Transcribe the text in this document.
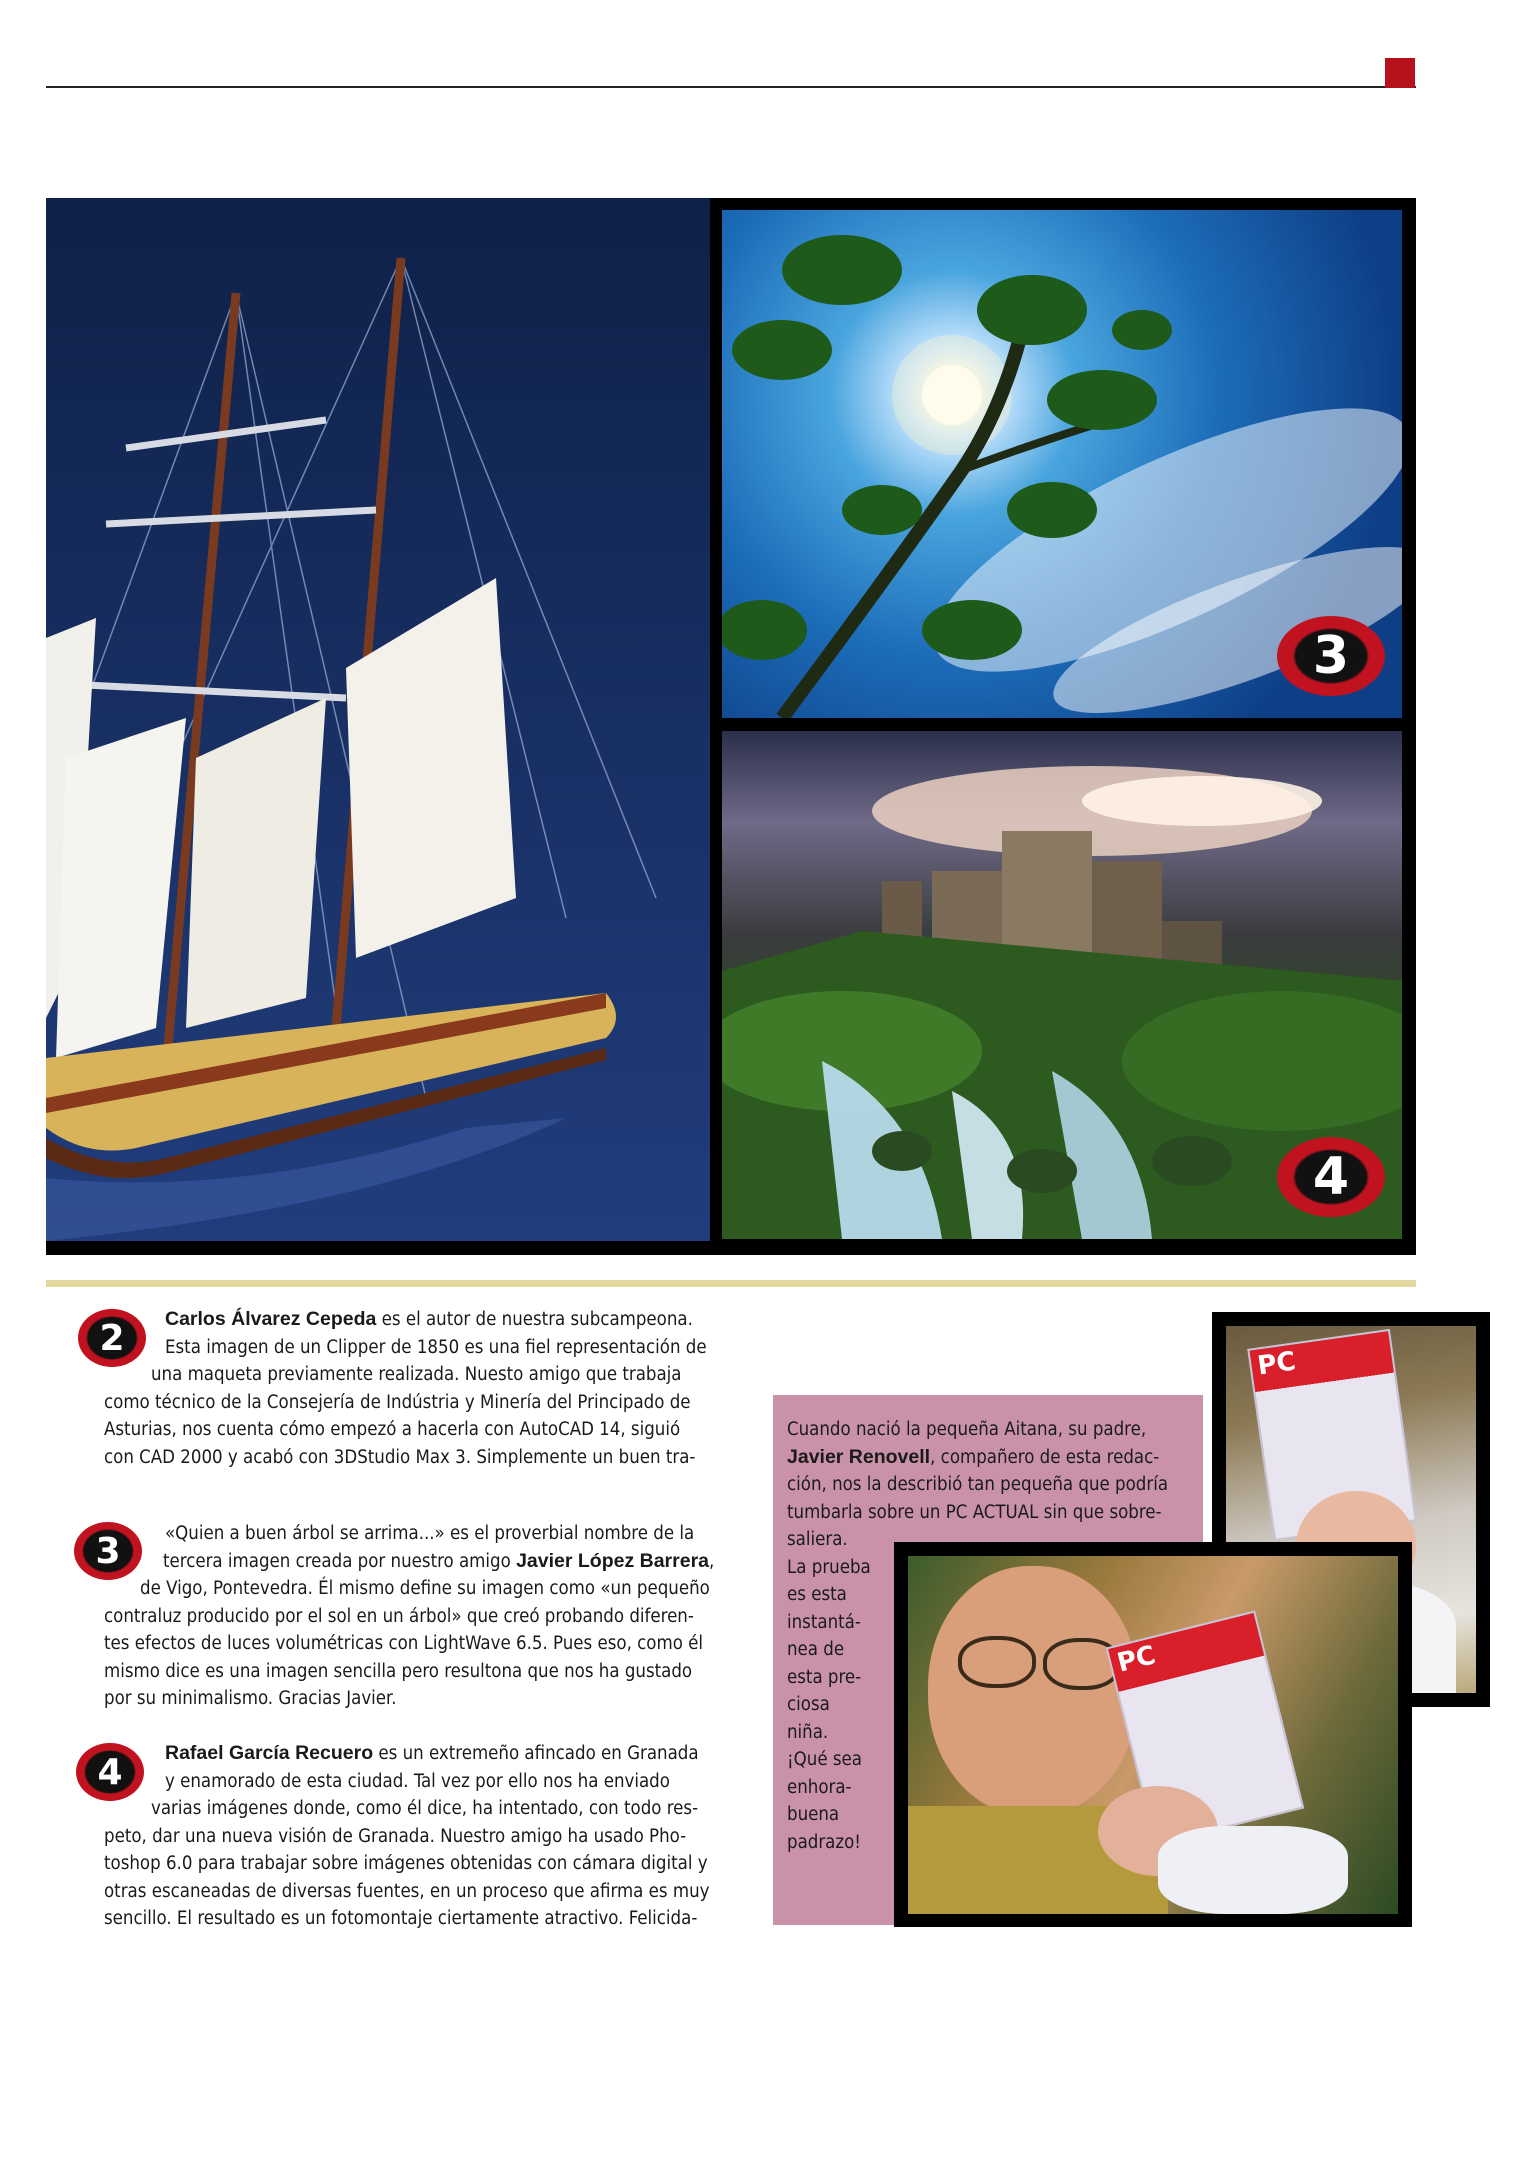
3
4
2	Carlos Álvarez Cepeda es el autor de nuestra subcampeona.
Esta imagen de un Clipper de 1850 es una fiel representación de
una maqueta previamente realizada. Nuesto amigo que trabaja
como técnico de la Consejería de Indústria y Minería del Principado de
Asturias, nos cuenta cómo empezó a hacerla con AutoCAD 14, siguió
con CAD 2000 y acabó con 3DStudio Max 3. Simplemente un buen tra-
3	«Quien a buen árbol se arrima...» es el proverbial nombre de la
tercera imagen creada por nuestro amigo Javier López Barrera,
de Vigo, Pontevedra. Él mismo define su imagen como «un pequeño
contraluz producido por el sol en un árbol» que creó probando diferen-
tes efectos de luces volumétricas con LightWave 6.5. Pues eso, como él
mismo dice es una imagen sencilla pero resultona que nos ha gustado
por su minimalismo. Gracias Javier.
4	Rafael García Recuero es un extremeño afincado en Granada
y enamorado de esta ciudad. Tal vez por ello nos ha enviado
varias imágenes donde, como él dice, ha intentado, con todo res-
peto, dar una nueva visión de Granada. Nuestro amigo ha usado Pho-
toshop 6.0 para trabajar sobre imágenes obtenidas con cámara digital y
otras escaneadas de diversas fuentes, en un proceso que afirma es muy
sencillo. El resultado es un fotomontaje ciertamente atractivo. Felicida-
Cuando nació la pequeña Aitana, su padre,
Javier Renovell, compañero de esta redac-
ción, nos la describió tan pequeña que podría
tumbarla sobre un PC ACTUAL sin que sobre-
saliera.
La prueba
es esta
instantá-
nea de
esta pre-
ciosa
niña.
¡Qué sea
enhora-
buena
padrazo!
PC
PC
